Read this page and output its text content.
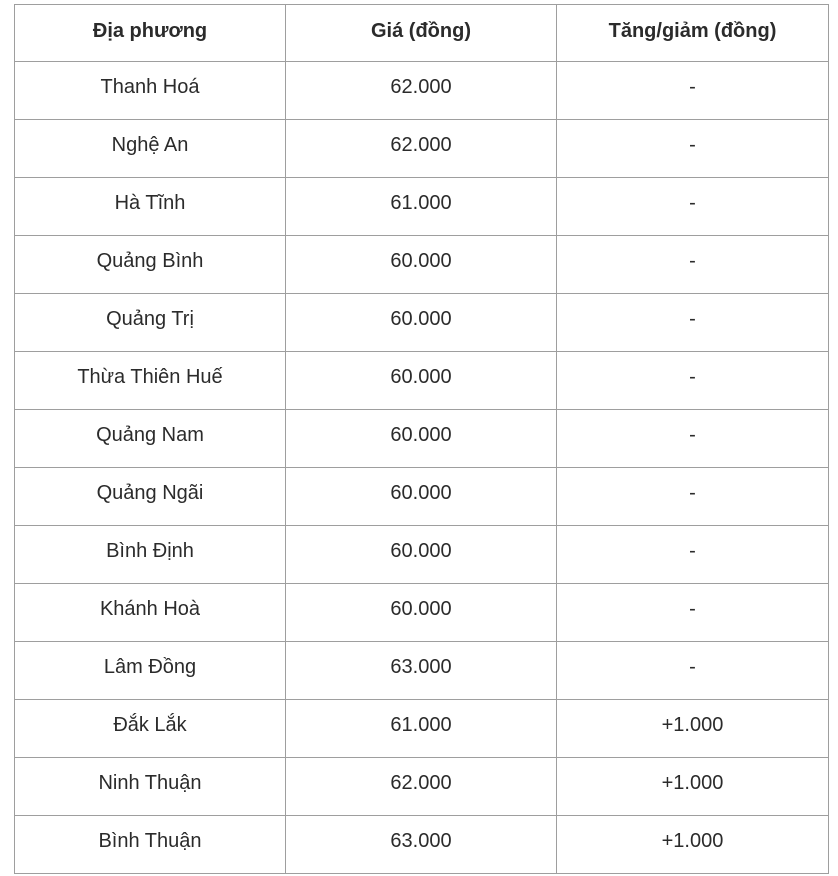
Địa phương	Giá (đồng)	Tăng/giảm (đồng)
Thanh Hoá	62.000	-
Nghệ An	62.000	-
Hà Tĩnh	61.000	-
Quảng Bình	60.000	-
Quảng Trị	60.000	-
Thừa Thiên Huế	60.000	-
Quảng Nam	60.000	-
Quảng Ngãi	60.000	-
Bình Định	60.000	-
Khánh Hoà	60.000	-
Lâm Đồng	63.000	-
Đắk Lắk	61.000	+1.000
Ninh Thuận	62.000	+1.000
Bình Thuận	63.000	+1.000
